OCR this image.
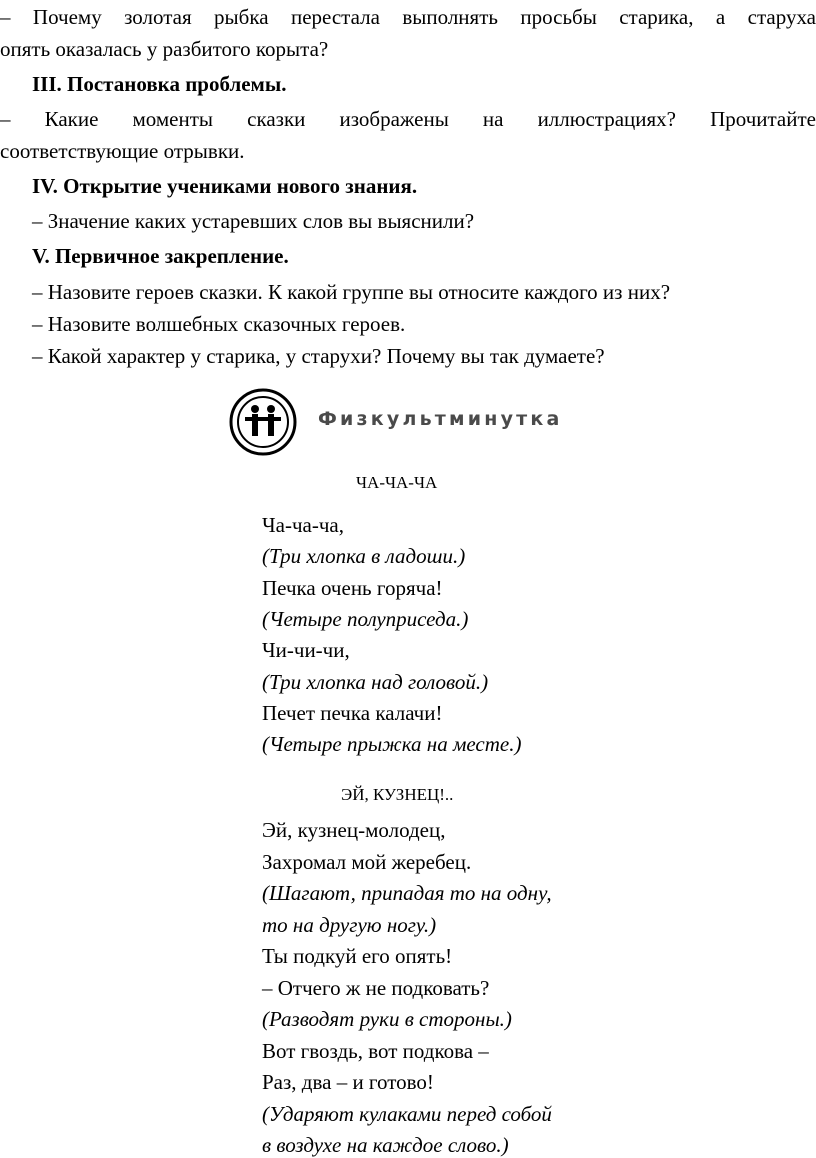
– Почему золотая рыбка перестала выполнять просьбы старика, а старуха
опять оказалась у разбитого корыта?
III. Постановка проблемы.
– Какие моменты сказки изображены на иллюстрациях? Прочитайте
соответствующие отрывки.
IV. Открытие учениками нового знания.
– Значение каких устаревших слов вы выяснили?
V. Первичное закрепление.
– Назовите героев сказки. К какой группе вы относите каждого из них?
– Назовите волшебных сказочных героев.
– Какой характер у старика, у старухи? Почему вы так думаете?
Физкультминутка
ЧА-ЧА-ЧА
Ча-ча-ча,
(Три хлопка в ладоши.)
Печка очень горяча!
(Четыре полуприседа.)
Чи-чи-чи,
(Три хлопка над головой.)
Печет печка калачи!
(Четыре прыжка на месте.)
ЭЙ, КУЗНЕЦ!..
Эй, кузнец-молодец,
Захромал мой жеребец.
(Шагают, припадая то на одну,
то на другую ногу.)
Ты подкуй его опять!
– Отчего ж не подковать?
(Разводят руки в стороны.)
Вот гвоздь, вот подкова –
Раз, два – и готово!
(Ударяют кулаками перед собой
в воздухе на каждое слово.)
